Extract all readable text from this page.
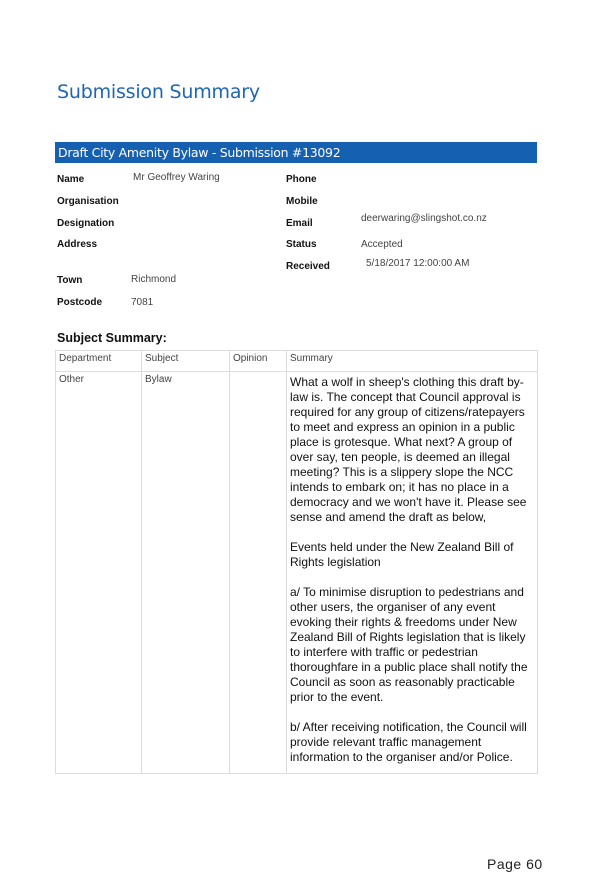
Submission Summary
Draft City Amenity Bylaw - Submission #13092
Name	Mr Geoffrey Waring
Organisation
Designation
Address
Town	Richmond
Postcode	7081
Phone
Mobile
Email	deerwaring@slingshot.co.nz
Status	Accepted
Received	5/18/2017 12:00:00 AM
Subject Summary:
Department	Subject	Opinion	Summary
Other	Bylaw		What a wolf in sheep's clothing this draft by-law is. The concept that Council approval is required for any group of citizens/ratepayers to meet and express an opinion in a public place is grotesque. What next? A group of over say, ten people, is deemed an illegal meeting? This is a slippery slope the NCC intends to embark on; it has no place in a democracy and we won't have it. Please see sense and amend the draft as below,

Events held under the New Zealand Bill of Rights legislation

a/ To minimise disruption to pedestrians and other users, the organiser of any event evoking their rights & freedoms under New Zealand Bill of Rights legislation that is likely to interfere with traffic or pedestrian thoroughfare in a public place shall notify the Council as soon as reasonably practicable prior to the event.

b/ After receiving notification, the Council will provide relevant traffic management information to the organiser and/or Police.

Page 60
